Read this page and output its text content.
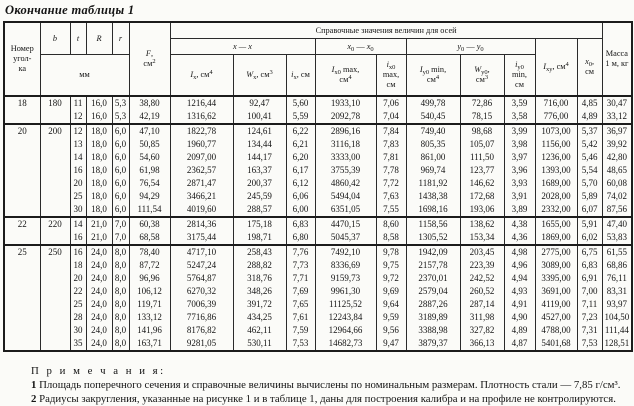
Окончание таблицы 1
Номер
угол-
ка	b	t	R	r	F,
$см^2$	Справочные значения величин для осей										Масса
1 м, кг
						x — x			$x_0$ — $x_0$		$y_0$ — $y_0$			$I_{xy}$, $см^4$	$x_0$,
см	
	мм					$I_x$, $см^4$	$W_x$, $см^3$	$i_x$, см	$I_{x0}$ max,
$см^4$	$i_{x0}$
max,
см	$I_{y0}$ min,
$см^4$	$W_{y0}$,
$см^3$	$i_{y0}$
min,
см			
18	180	11	16,0	5,3	38,80	1216,44	92,47	5,60	1933,10	7,06	499,78	72,86	3,59	716,00	4,85	30,47
		12	16,0	5,3	42,19	1316,62	100,41	5,59	2092,78	7,04	540,45	78,15	3,58	776,00	4,89	33,12
20	200	12	18,0	6,0	47,10	1822,78	124,61	6,22	2896,16	7,84	749,40	98,68	3,99	1073,00	5,37	36,97
		13	18,0	6,0	50,85	1960,77	134,44	6,21	3116,18	7,83	805,35	105,07	3,98	1156,00	5,42	39,92
		14	18,0	6,0	54,60	2097,00	144,17	6,20	3333,00	7,81	861,00	111,50	3,97	1236,00	5,46	42,80
		16	18,0	6,0	61,98	2362,57	163,37	6,17	3755,39	7,78	969,74	123,77	3,96	1393,00	5,54	48,65
		20	18,0	6,0	76,54	2871,47	200,37	6,12	4860,42	7,72	1181,92	146,62	3,93	1689,00	5,70	60,08
		25	18,0	6,0	94,29	3466,21	245,59	6,06	5494,04	7,63	1438,38	172,68	3,91	2028,00	5,89	74,02
		30	18,0	6,0	111,54	4019,60	288,57	6,00	6351,05	7,55	1698,16	193,06	3,89	2332,00	6,07	87,56
22	220	14	21,0	7,0	60,38	2814,36	175,18	6,83	4470,15	8,60	1158,56	138,62	4,38	1655,00	5,91	47,40
		16	21,0	7,0	68,58	3175,44	198,71	6,80	5045,37	8,58	1305,52	153,34	4,36	1869,00	6,02	53,83
25	250	16	24,0	8,0	78,40	4717,10	258,43	7,76	7492,10	9,78	1942,09	203,45	4,98	2775,00	6,75	61,55
		18	24,0	8,0	87,72	5247,24	288,82	7,73	8336,69	9,75	2157,78	223,39	4,96	3089,00	6,83	68,86
		20	24,0	8,0	96,96	5764,87	318,76	7,71	9159,73	9,72	2370,01	242,52	4,94	3395,00	6,91	76,11
		22	24,0	8,0	106,12	6270,32	348,26	7,69	9961,30	9,69	2579,04	260,52	4,93	3691,00	7,00	83,31
		25	24,0	8,0	119,71	7006,39	391,72	7,65	11125,52	9,64	2887,26	287,14	4,91	4119,00	7,11	93,97
		28	24,0	8,0	133,12	7716,86	434,25	7,61	12243,84	9,59	3189,89	311,98	4,90	4527,00	7,23	104,50
		30	24,0	8,0	141,96	8176,82	462,11	7,59	12964,66	9,56	3388,98	327,82	4,89	4788,00	7,31	111,44
		35	24,0	8,0	163,71	9281,05	530,11	7,53	14682,73	9,47	3879,37	366,13	4,87	5401,68	7,53	128,51
П р и м е ч а н и я:

1 Площадь поперечного сечения и справочные величины вычислены по номинальным размерам. Плотность стали — 7,85 г/см³.

2 Радиусы закругления, указанные на рисунке 1 и в таблице 1, даны для построения калибра и на профиле не контролируются.
